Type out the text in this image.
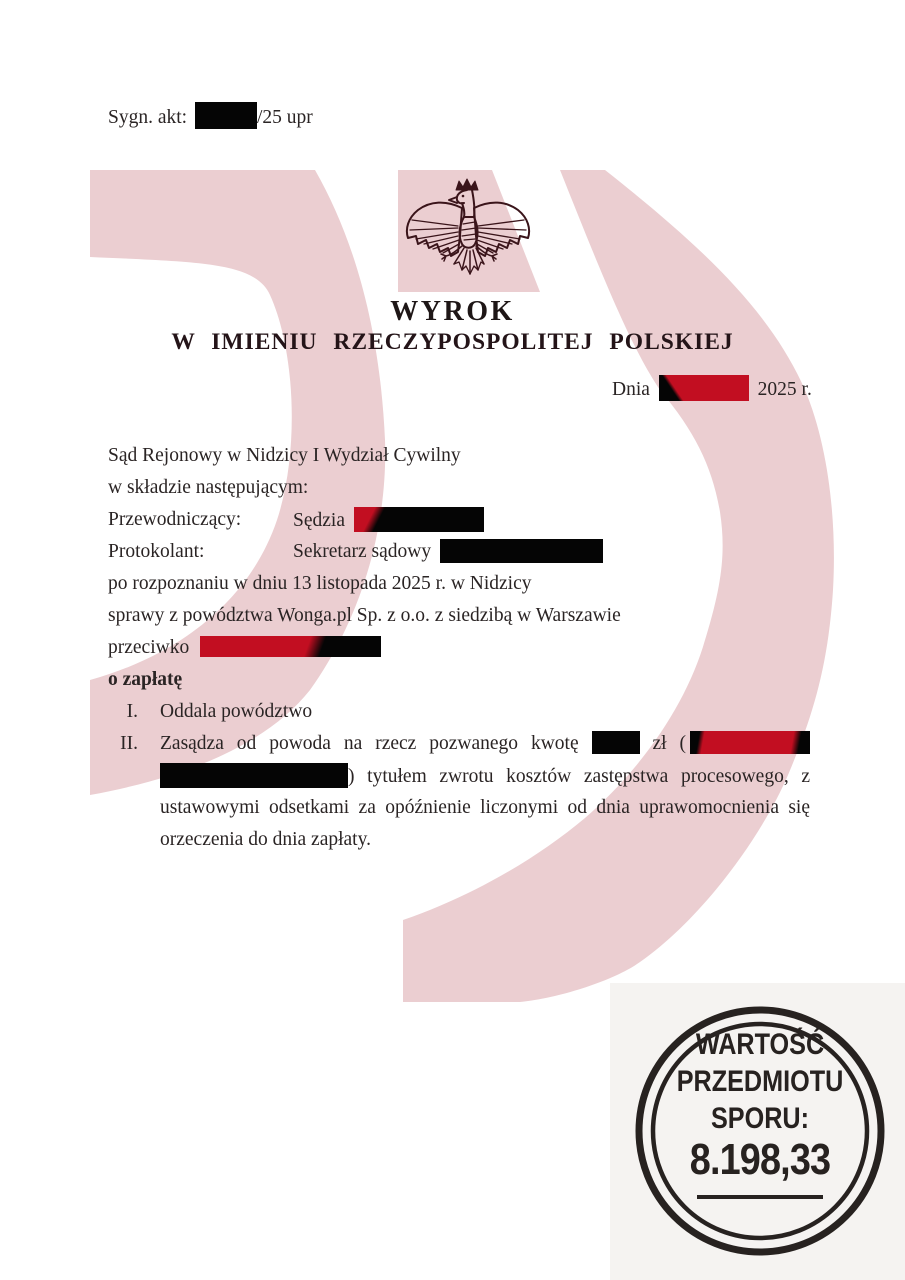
Sygn. akt:	/25 upr
WYROK
W IMIENIU RZECZYPOSPOLITEJ POLSKIEJ
Dnia	2025 r.
Sąd Rejonowy w Nidzicy I Wydział Cywilny
w składzie następującym:
Przewodniczący:	Sędzia
Protokolant:	Sekretarz sądowy
po rozpoznaniu w dniu 13 listopada 2025 r. w Nidzicy
sprawy z powództwa Wonga.pl Sp. z o.o. z siedzibą w Warszawie
przeciwko
o zapłatę
I. Oddala powództwo
II. Zasądza od powoda na rzecz pozwanego kwotę	zł (
) tytułem zwrotu kosztów zastępstwa procesowego, z
ustawowymi odsetkami za opóźnienie liczonymi od dnia uprawomocnienia się
orzeczenia do dnia zapłaty.
WARTOŚĆ
PRZEDMIOTU
SPORU:
8.198,33
